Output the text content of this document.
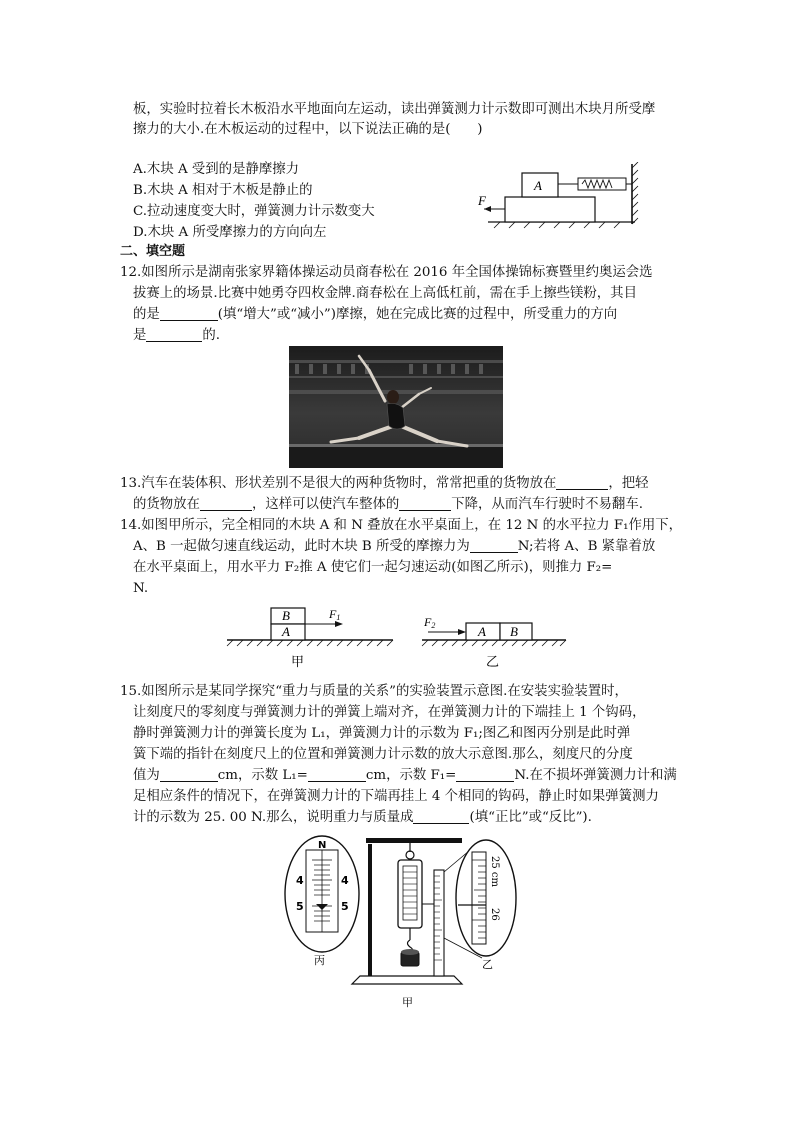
板，实验时拉着长木板沿水平地面向左运动，读出弹簧测力计示数即可测出木块月所受摩
擦力的大小.在木板运动的过程中，以下说法正确的是(　　)
A.木块 A 受到的是静摩擦力
B.木块 A 相对于木板是静止的
C.拉动速度变大时，弹簧测力计示数变大
D.木块 A 所受摩擦力的方向向左
A
F
二、填空题
12.如图所示是湖南张家界籍体操运动员商春松在 2016 年全国体操锦标赛暨里约奥运会选
拔赛上的场景.比赛中她勇夺四枚金牌.商春松在上高低杠前，需在手上擦些镁粉，其目
的是	(填“增大”或“减小”)摩擦，她在完成比赛的过程中，所受重力的方向
是	的.
13.汽车在装体积、形状差别不是很大的两种货物时，常常把重的货物放在	，把轻
的货物放在	，这样可以使汽车整体的	下降，从而汽车行驶时不易翻车.
14.如图甲所示，完全相同的木块 A 和 N 叠放在水平桌面上，在 12 N 的水平拉力 F₁作用下，
A、B 一起做匀速直线运动，此时木块 B 所受的摩擦力为	N;若将 A、B 紧靠着放
在水平桌面上，用水平力 F₂推 A 使它们一起匀速运动(如图乙所示)，则推力 F₂=
N.
B
A
F1
甲
A B
F2
乙
15.如图所示是某同学探究“重力与质量的关系”的实验装置示意图.在安装实验装置时，
让刻度尺的零刻度与弹簧测力计的弹簧上端对齐，在弹簧测力计的下端挂上 1 个钩码，
静时弹簧测力计的弹簧长度为 L₁，弹簧测力计的示数为 F₁;图乙和图丙分别是此时弹
簧下端的指针在刻度尺上的位置和弹簧测力计示数的放大示意图.那么，刻度尺的分度
值为	cm，示数 L₁=	cm，示数 F₁=	N.在不损坏弹簧测力计和满
足相应条件的情况下，在弹簧测力计的下端再挂上 4 个相同的钩码，静止时如果弹簧测力
计的示数为 25. 00 N.那么，说明重力与质量成	(填“正比”或“反比”).
N
4
5
4
5
丙
甲
25 cm
26
乙
